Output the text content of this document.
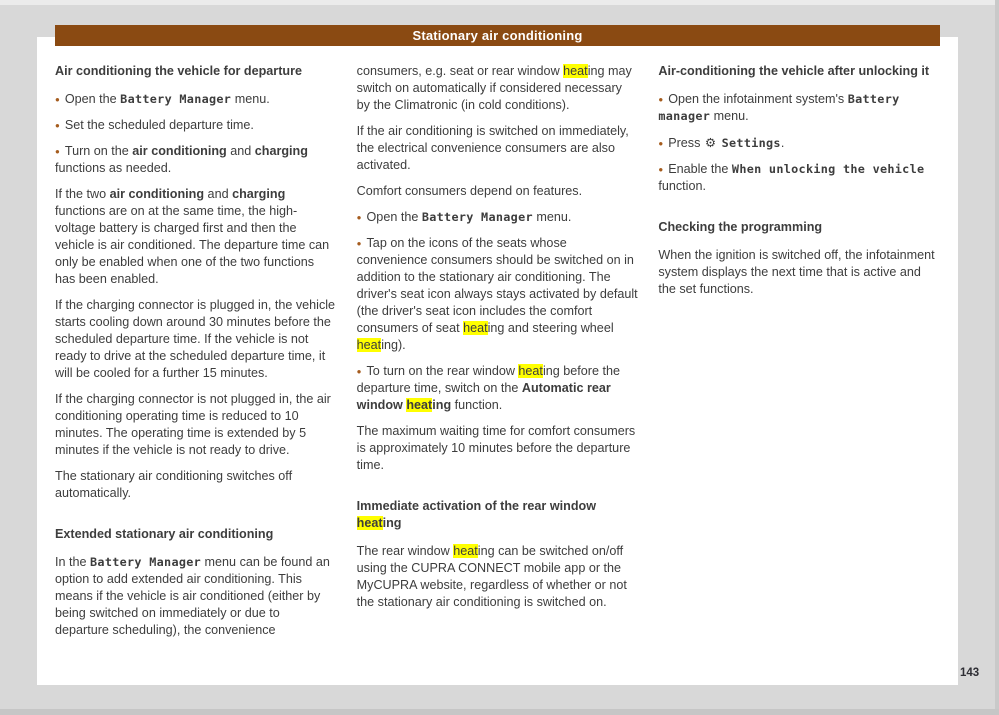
Stationary air conditioning
Air conditioning the vehicle for departure
● Open the Battery Manager menu.
● Set the scheduled departure time.
● Turn on the air conditioning and charging functions as needed.
If the two air conditioning and charging functions are on at the same time, the high-voltage battery is charged first and then the vehicle is air conditioned. The departure time can only be enabled when one of the two functions has been enabled.
If the charging connector is plugged in, the vehicle starts cooling down around 30 minutes before the scheduled departure time. If the vehicle is not ready to drive at the scheduled departure time, it will be cooled for a further 15 minutes.
If the charging connector is not plugged in, the air conditioning operating time is reduced to 10 minutes. The operating time is extended by 5 minutes if the vehicle is not ready to drive.
The stationary air conditioning switches off automatically.
Extended stationary air conditioning
In the Battery Manager menu can be found an option to add extended air conditioning. This means if the vehicle is air conditioned (either by being switched on immediately or due to departure scheduling), the convenience
consumers, e.g. seat or rear window heating may switch on automatically if considered necessary by the Climatronic (in cold conditions).
If the air conditioning is switched on immediately, the electrical convenience consumers are also activated.
Comfort consumers depend on features.
● Open the Battery Manager menu.
● Tap on the icons of the seats whose convenience consumers should be switched on in addition to the stationary air conditioning. The driver's seat icon always stays activated by default (the driver's seat icon includes the comfort consumers of seat heating and steering wheel heating).
● To turn on the rear window heating before the departure time, switch on the Automatic rear window heating function.
The maximum waiting time for comfort consumers is approximately 10 minutes before the departure time.
Immediate activation of the rear window heating
The rear window heating can be switched on/off using the CUPRA CONNECT mobile app or the MyCUPRA website, regardless of whether or not the stationary air conditioning is switched on.
Air-conditioning the vehicle after unlocking it
● Open the infotainment system's Battery manager menu.
● Press ⚙ Settings.
● Enable the When unlocking the vehicle function.
Checking the programming
When the ignition is switched off, the infotainment system displays the next time that is active and the set functions.
143
